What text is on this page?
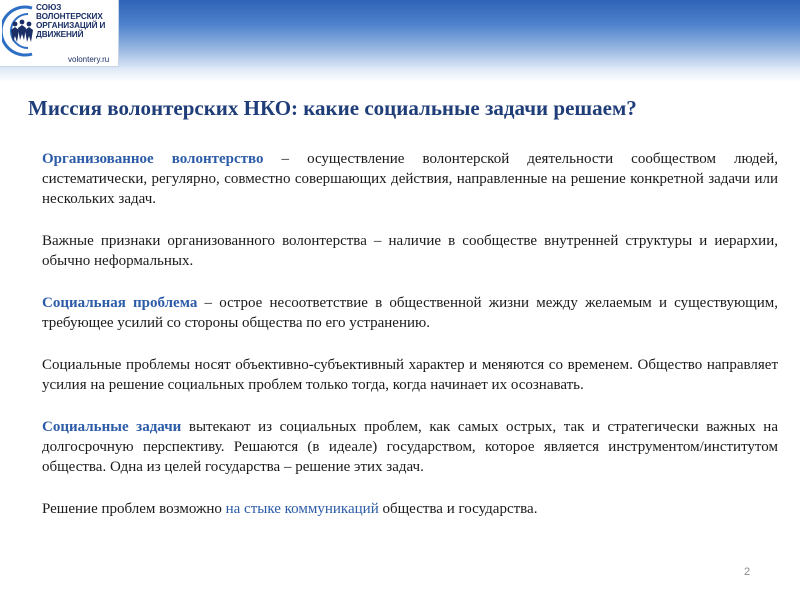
СОЮЗ
ВОЛОНТЕРСКИХ
ОРГАНИЗАЦИЙ И
ДВИЖЕНИЙ
volontery.ru
Миссия волонтерских НКО: какие социальные задачи решаем?

Организованное волонтерство – осуществление волонтерской деятельности сообществом людей, систематически, регулярно, совместно совершающих действия, направленные на решение конкретной задачи или нескольких задач.

Важные признаки организованного волонтерства – наличие в сообществе внутренней структуры и иерархии, обычно неформальных.

Социальная проблема – острое несоответствие в общественной жизни между желаемым и существующим, требующее усилий со стороны общества по его устранению.

Социальные проблемы носят объективно-субъективный характер и меняются со временем. Общество направляет усилия на решение социальных проблем только тогда, когда начинает их осознавать.

Социальные задачи вытекают из социальных проблем, как самых острых, так и стратегически важных на долгосрочную перспективу. Решаются (в идеале) государством, которое является инструментом/институтом общества. Одна из целей государства – решение этих задач.

Решение проблем возможно на стыке коммуникаций общества и государства.

2
